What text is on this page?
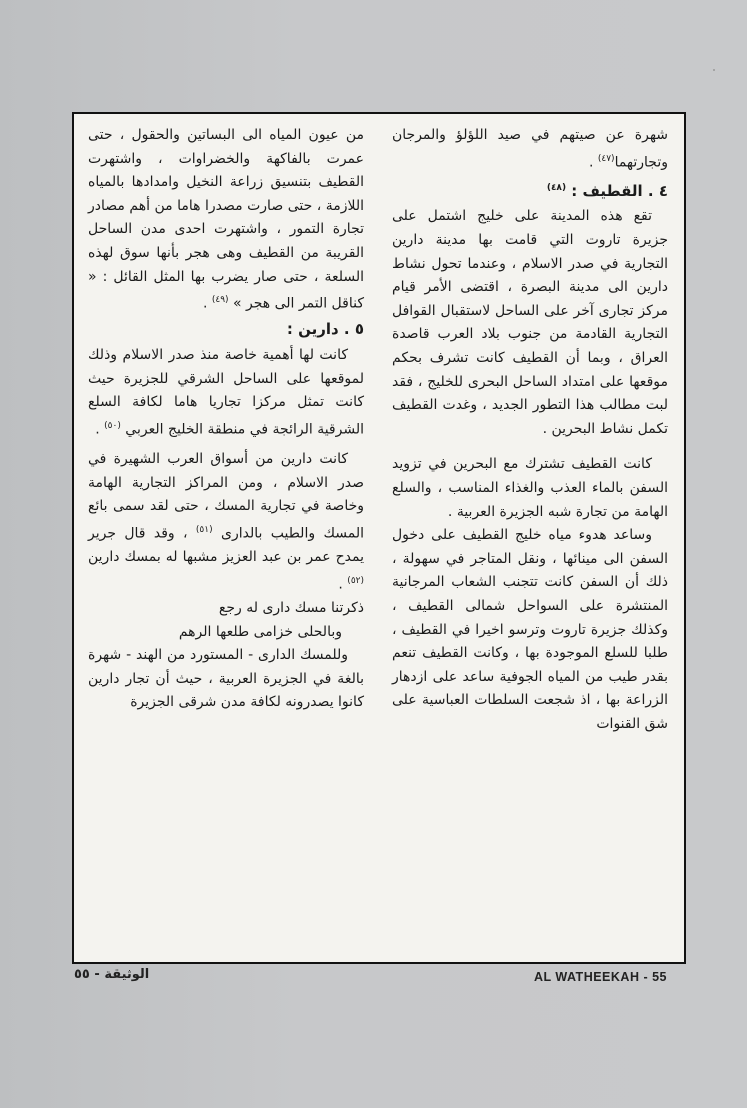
شهرة عن صيتهم في صيد اللؤلؤ والمرجان وتجارتهما$^{(٤٧)}$ .

٤ . القطيف : $^{(٤٨)}$

تقع هذه المدينة على خليج اشتمل على جزيرة تاروت التي قامت بها مدينة دارين التجارية في صدر الاسلام ، وعندما تحول نشاط دارين الى مدينة البصرة ، اقتضى الأمر قيام مركز تجارى آخر على الساحل لاستقبال القوافل التجارية القادمة من جنوب بلاد العرب قاصدة العراق ، وبما أن القطيف كانت تشرف بحكم موقعها على امتداد الساحل البحرى للخليج ، فقد لبت مطالب هذا التطور الجديد ، وغدت القطيف تكمل نشاط البحرين .

كانت القطيف تشترك مع البحرين في تزويد السفن بالماء العذب والغذاء المناسب ، والسلع الهامة من تجارة شبه الجزيرة العربية .

وساعد هدوء مياه خليج القطيف على دخول السفن الى مينائها ، ونقل المتاجر في سهولة ، ذلك أن السفن كانت تتجنب الشعاب المرجانية المنتشرة على السواحل شمالى القطيف ، وكذلك جزيرة تاروت وترسو اخيرا في القطيف ، طلبا للسلع الموجودة بها ، وكانت القطيف تنعم بقدر طيب من المياه الجوفية ساعد على ازدهار الزراعة بها ، اذ شجعت السلطات العباسية على شق القنوات

من عيون المياه الى البساتين والحقول ، حتى عمرت بالفاكهة والخضراوات ، واشتهرت القطيف بتنسيق زراعة النخيل وامدادها بالمياه اللازمة ، حتى صارت مصدرا هاما من أهم مصادر تجارة التمور ، واشتهرت احدى مدن الساحل القريبة من القطيف وهى هجر بأنها سوق لهذه السلعة ، حتى صار يضرب بها المثل القائل : « كناقل التمر الى هجر » $^{(٤٩)}$ .

٥ . دارين :

كانت لها أهمية خاصة منذ صدر الاسلام وذلك لموقعها على الساحل الشرقي للجزيرة حيث كانت تمثل مركزا تجاريا هاما لكافة السلع الشرقية الرائجة في منطقة الخليج العربي $^{(٥٠)}$ .

كانت دارين من أسواق العرب الشهيرة في صدر الاسلام ، ومن المراكز التجارية الهامة وخاصة في تجارية المسك ، حتى لقد سمى بائع المسك والطيب بالدارى $^{(٥١)}$ ، وقد قال جرير يمدح عمر بن عبد العزيز مشبها له بمسك دارين $^{(٥٢)}$ .

ذكرتنا مسك دارى له رجع

وبالحلى خزامى طلعها الرهم

وللمسك الدارى - المستورد من الهند - شهرة بالغة في الجزيرة العربية ، حيث أن تجار دارين كانوا يصدرونه لكافة مدن شرقى الجزيرة

الوثيقة - ٥٥	AL WATHEEKAH - 55
